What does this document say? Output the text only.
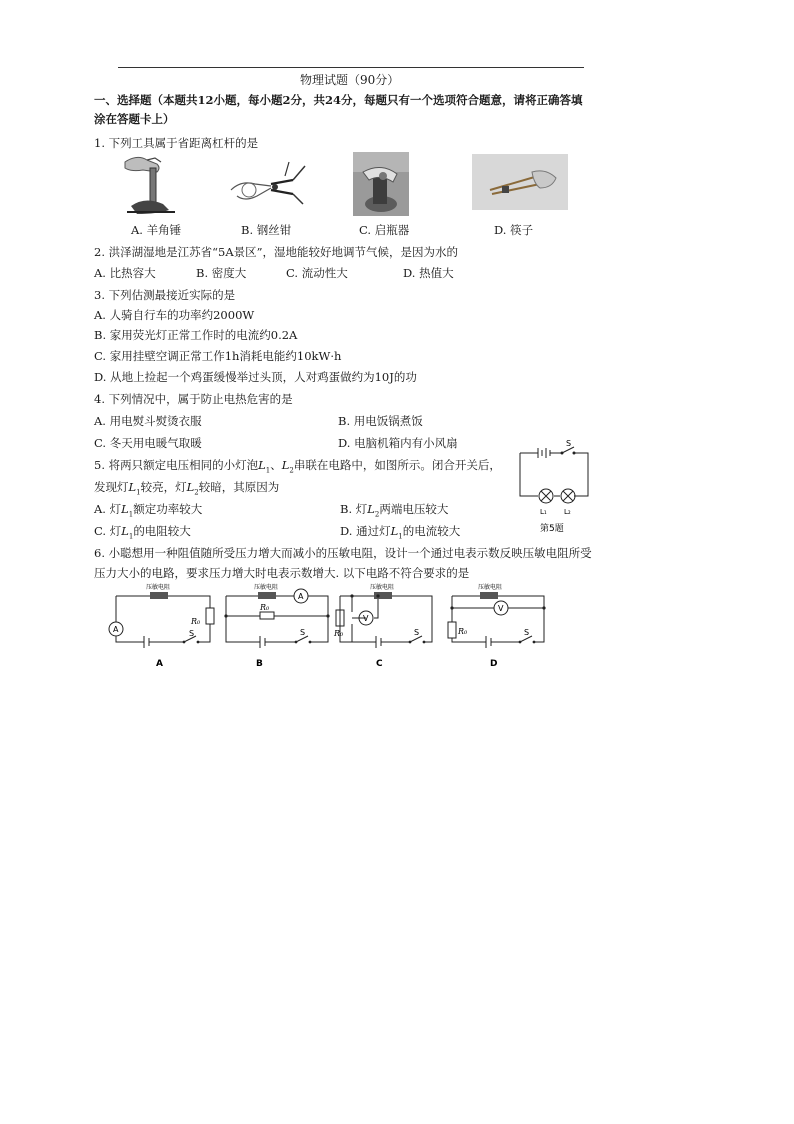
物理试题（90分）
一、选择题（本题共12小题，每小题2分，共24分，每题只有一个选项符合题意，请将正确答填
涂在答题卡上）
1. 下列工具属于省距离杠杆的是
A. 羊角锤	B. 钢丝钳	C. 启瓶器	D. 筷子
2. 洪泽湖湿地是江苏省“5A景区”，湿地能较好地调节气候，是因为水的
A. 比热容大	B. 密度大	C. 流动性大	D. 热值大
3. 下列估测最接近实际的是
A. 人骑自行车的功率约2000W
B. 家用荧光灯正常工作时的电流约0.2A
C. 家用挂壁空调正常工作1h消耗电能约10kW·h
D. 从地上捡起一个鸡蛋缓慢举过头顶，人对鸡蛋做约为10J的功
4. 下列情况中，属于防止电热危害的是
A. 用电熨斗熨烫衣服	B. 用电饭锅煮饭
C. 冬天用电暖气取暖	D. 电脑机箱内有小风扇
5. 将两只额定电压相同的小灯泡$L_1$、$L_2$串联在电路中，如图所示。闭合开关后，
发现灯$L_1$较亮，灯$L_2$较暗，其原因为
A. 灯$L_1$额定功率较大	B. 灯$L_2$两端电压较大
C. 灯$L_1$的电阻较大	D. 通过灯$L_1$的电流较大
S
L₁ L₂
第5题
6. 小聪想用一种阻值随所受压力增大而减小的压敏电阻，设计一个通过电表示数反映压敏电阻所受
压力大小的电路，要求压力增大时电表示数增大. 以下电路不符合要求的是
压敏电阻
R₀
S
A
A
压敏电阻
R₀
S
A
B
压敏电阻
R₀	S
V
C
压敏电阻
R₀	S
V
D
